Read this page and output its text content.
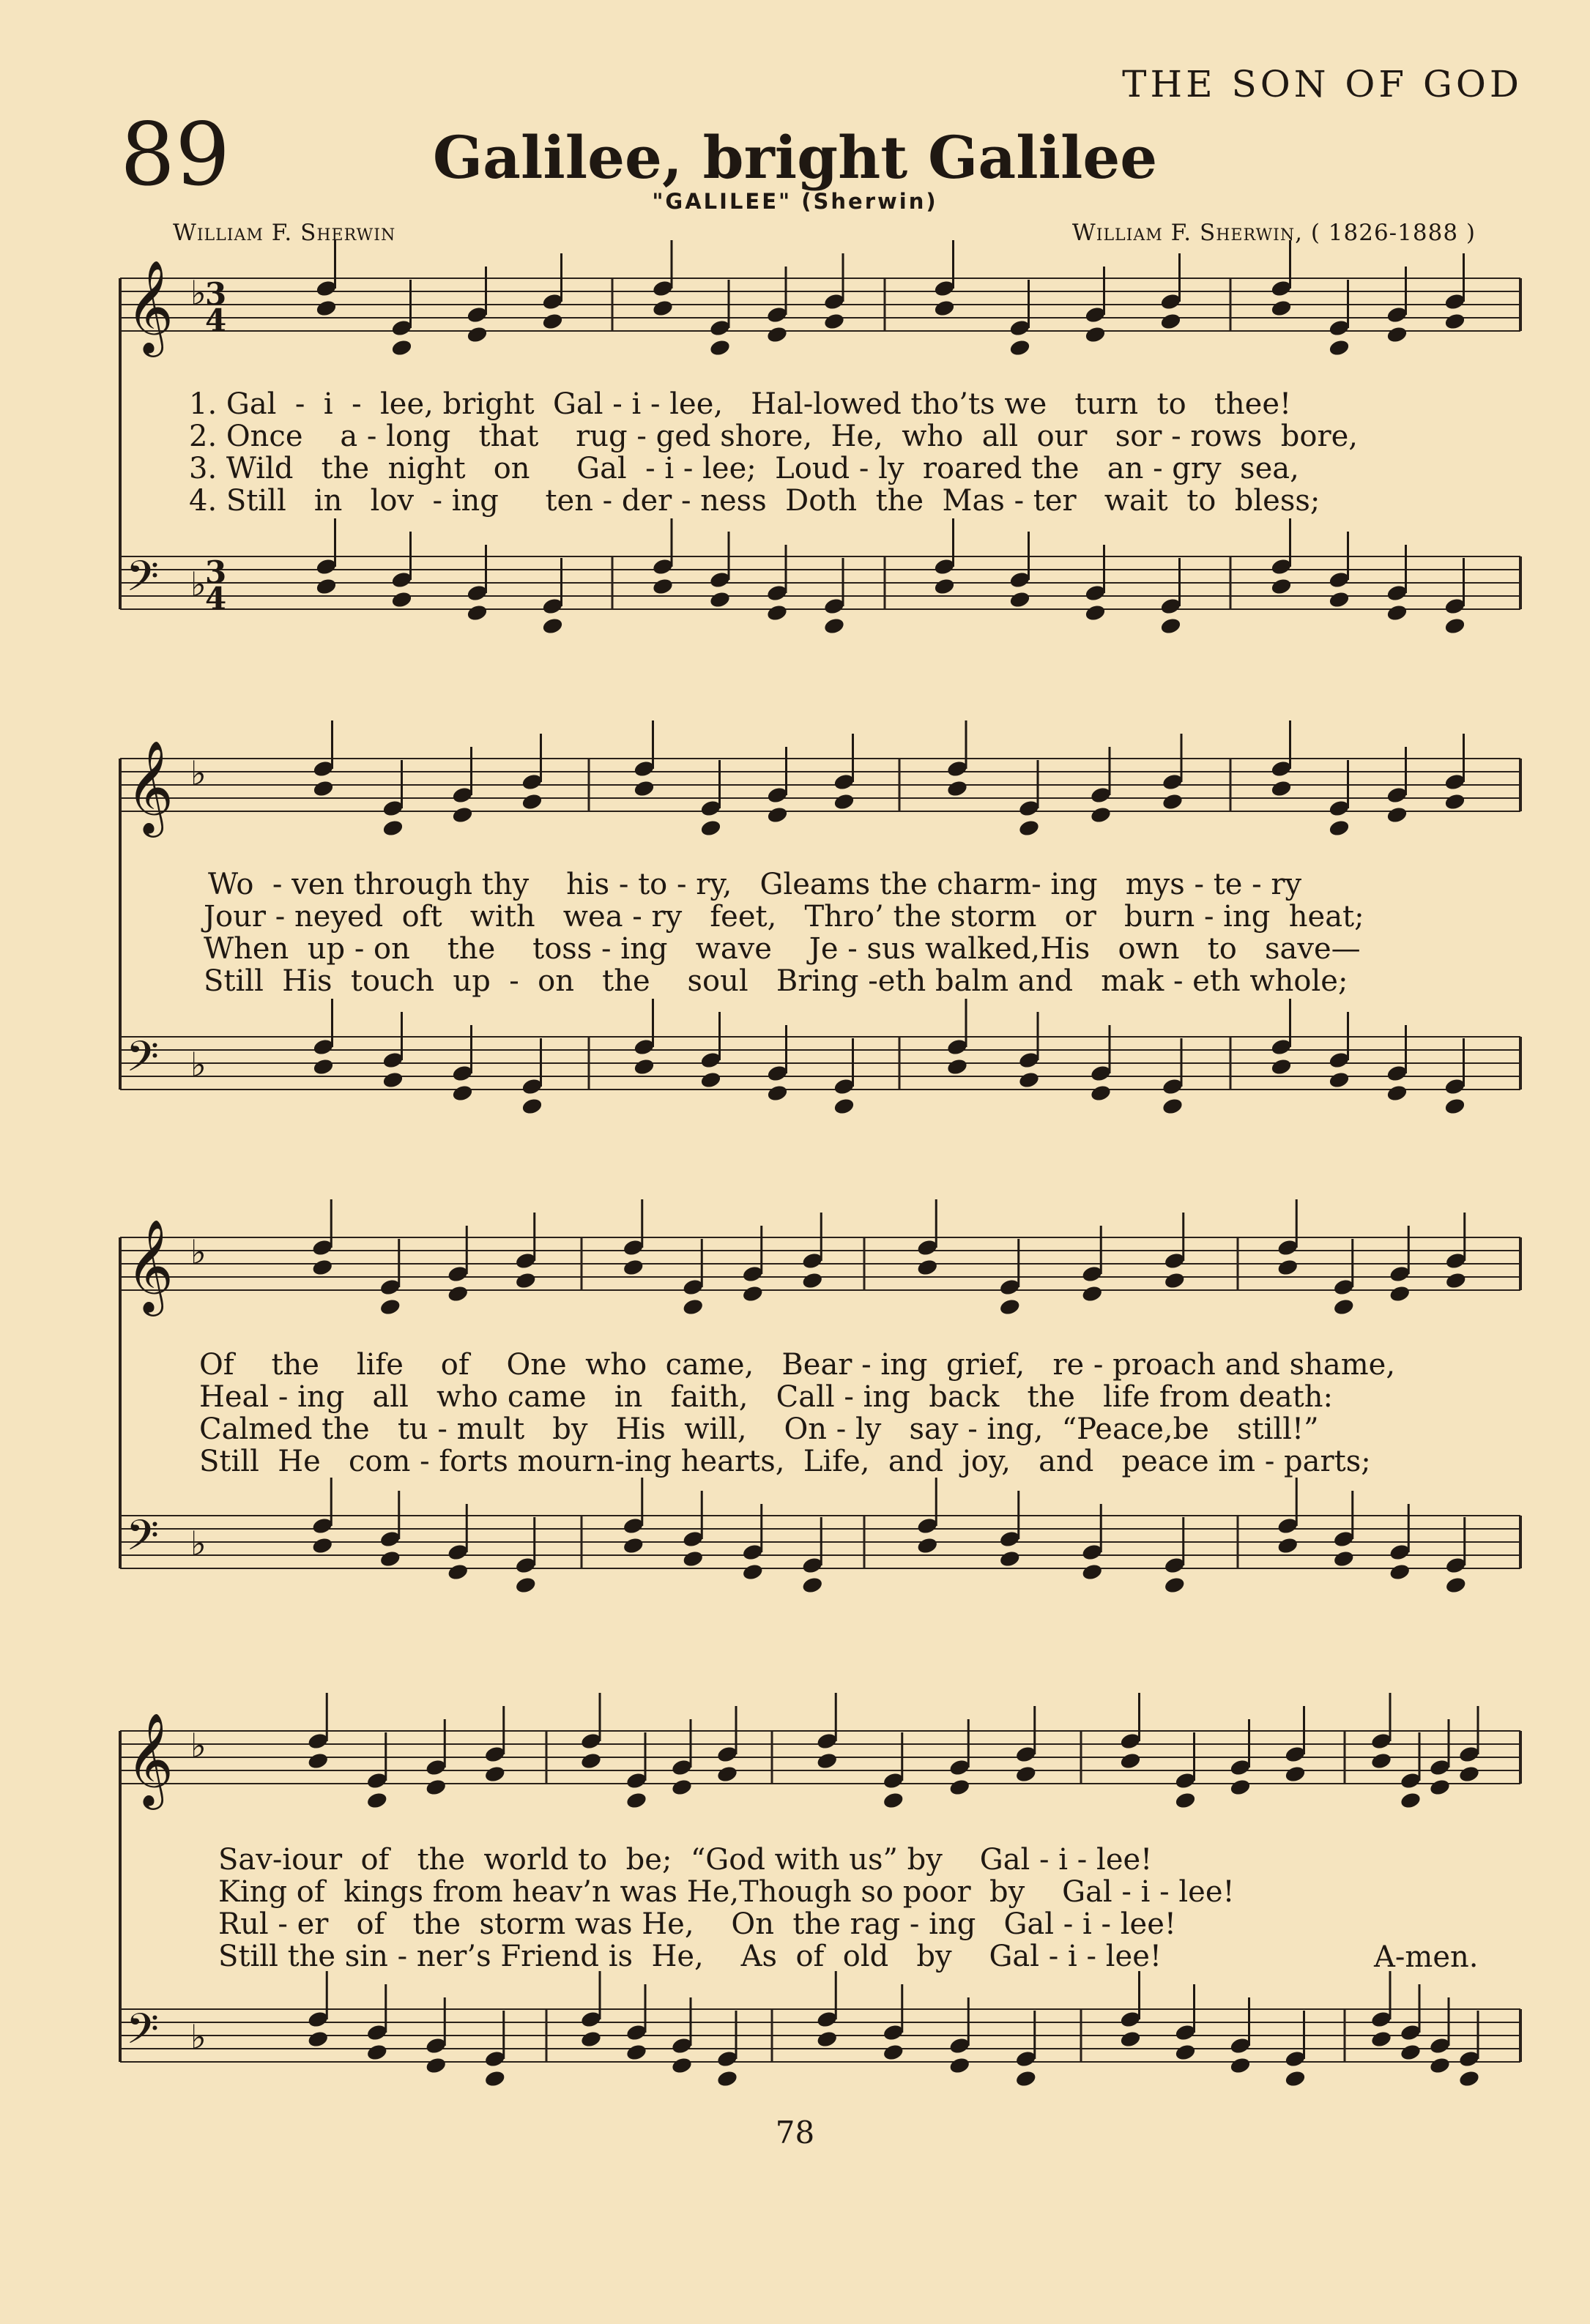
THE SON OF GOD
89	Galilee, bright Galilee
"GALILEE" (Sherwin)
William F. Sherwin	William F. Sherwin, ( 1826-1888 )
𝄞 ♭
𝄢 ♭
𝄞 ♭
𝄢 ♭
𝄞 ♭
𝄢 ♭
𝄞 ♭
𝄢 ♭
3
4
3
4
1. Gal  -  i  -  lee, bright  Gal - i - lee,   Hal-lowed tho’ts we   turn  to   thee!
2. Once    a - long   that    rug - ged shore,  He,  who  all  our   sor - rows  bore,
3. Wild   the  night   on     Gal  - i - lee;  Loud - ly  roared the   an - gry  sea,
4. Still   in   lov  - ing     ten - der - ness  Doth  the  Mas - ter   wait  to  bless;
Wo  - ven through thy    his - to - ry,   Gleams the charm- ing   mys - te - ry
Jour - neyed  oft   with   wea - ry   feet,   Thro’ the storm   or   burn - ing  heat;
When  up - on    the    toss - ing   wave    Je - sus walked,His   own   to   save—
Still  His  touch  up  -  on   the    soul   Bring -eth balm and   mak - eth whole;
Of    the    life    of    One  who  came,   Bear - ing  grief,   re - proach and shame,
Heal - ing   all   who came   in   faith,   Call - ing  back   the   life from death:
Calmed the   tu - mult   by   His  will,    On - ly   say - ing,  “Peace,be   still!”
Still  He   com - forts mourn-ing hearts,  Life,  and  joy,   and   peace im - parts;
Sav-iour  of   the  world to  be;  “God with us” by    Gal - i - lee!
King of  kings from heav’n was He,Though so poor  by    Gal - i - lee!
Rul - er   of   the  storm was He,    On  the rag - ing   Gal - i - lee!
Still the sin - ner’s Friend is  He,    As  of  old   by    Gal - i - lee!	A-men.
78
